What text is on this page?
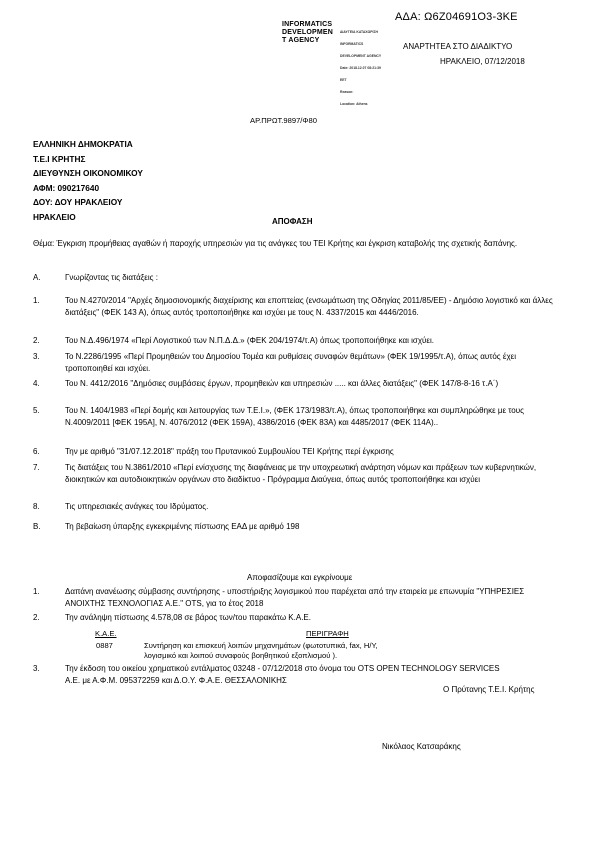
ΑΔΑ: Ω6Ζ04691Ο3-3ΚΕ
INFORMATICS
DEVELOPMEN
T AGENCY

ΔΙΑΥΓΕΙΑ ΚΑΤΑΧΩΡΙΣΗ

INFORMATICS

DEVELOPMENT AGENCY

Date: 2018.12.07 08:21:39

EET

Reason:

Location: Athens

ΑΝΑΡΤΗΤΕΑ ΣΤΟ ΔΙΑΔΙΚΤΥΟ
ΗΡΑΚΛΕΙΟ, 07/12/2018
ΑΡ.ΠΡΩΤ.9897/Φ80
ΕΛΛΗΝΙΚΗ ΔΗΜΟΚΡΑΤΙΑ
Τ.Ε.Ι ΚΡΗΤΗΣ
ΔΙΕΥΘΥΝΣΗ ΟΙΚΟΝΟΜΙΚΟΥ
ΑΦΜ: 090217640
ΔΟΥ: ΔΟΥ ΗΡΑΚΛΕΙΟΥ
ΗΡΑΚΛΕΙΟ	ΑΠΟΦΑΣΗ
Θέμα: Έγκριση προμήθειας αγαθών ή παροχής υπηρεσιών για τις ανάγκες του ΤΕΙ Κρήτης και έγκριση καταβολής της σχετικής δαπάνης.
Α.	Γνωρίζοντας τις διατάξεις :
1.	Του Ν.4270/2014 "Αρχές δημοσιονομικής διαχείρισης και εποπτείας (ενσωμάτωση της Οδηγίας 2011/85/ΕΕ) - Δημόσιο λογιστικό και άλλες διατάξεις" (ΦΕΚ 143 Α), όπως αυτός τροποποιήθηκε και ισχύει με τους Ν. 4337/2015 και 4446/2016.
2.	Του Ν.Δ.496/1974 «Περί Λογιστικού των Ν.Π.Δ.Δ.» (ΦΕΚ 204/1974/τ.Α) όπως τροποποιήθηκε και ισχύει.
3.	Το Ν.2286/1995 «Περί Προμηθειών του Δημοσίου Τομέα και ρυθμίσεις συναφών θεμάτων» (ΦΕΚ 19/1995/τ.Α), όπως αυτός έχει τροποποιηθεί και ισχύει.
4.	Του Ν. 4412/2016 "Δημόσιες συμβάσεις έργων, προμηθειών και υπηρεσιών ..... και άλλες διατάξεις" (ΦΕΚ 147/8-8-16 τ.Α΄)
5.	Του Ν. 1404/1983 «Περί δομής και λειτουργίας των Τ.Ε.Ι.», (ΦΕΚ 173/1983/τ.Α), όπως τροποποιήθηκε και συμπληρώθηκε με τους Ν.4009/2011 [ΦΕΚ 195Α], Ν. 4076/2012 (ΦΕΚ 159Α), 4386/2016 (ΦΕΚ 83Α) και 4485/2017 (ΦΕΚ 114Α)..
6.	Την με αριθμό "31/07.12.2018" πράξη του Πρυτανικού Συμβουλίου ΤΕΙ Κρήτης περί έγκρισης
7.	Τις διατάξεις του Ν.3861/2010 «Περί ενίσχυσης της διαφάνειας με την υποχρεωτική ανάρτηση νόμων και πράξεων των κυβερνητικών, διοικητικών και αυτοδιοικητικών οργάνων στο διαδίκτυο - Πρόγραμμα Διαύγεια, όπως αυτός τροποποιήθηκε και ισχύει
8.	Τις υπηρεσιακές ανάγκες του Ιδρύματος.
Β.	Τη βεβαίωση ύπαρξης εγκεκριμένης πίστωσης ΕΑΔ με αριθμό 198
Αποφασίζουμε και εγκρίνουμε
1.	Δαπάνη ανανέωσης σύμβασης συντήρησης - υποστήριξης λογισμικού που παρέχεται από την εταιρεία με επωνυμία "ΥΠΗΡΕΣΙΕΣ ΑΝΟΙΧΤΗΣ ΤΕΧΝΟΛΟΓΙΑΣ Α.Ε." OTS, για το έτος 2018
2.	Την ανάληψη πίστωσης 4.578,08 σε βάρος των/του παρακάτω Κ.Α.Ε.
Κ.Α.Ε.	ΠΕΡΙΓΡΑΦΗ
0887	Συντήρηση και επισκευή λοιπών μηχανημάτων (φωτοτυπικά, fax, Η/Υ, λογισμικό και λοιπού συναφούς βοηθητικού εξοπλισμού ).
3.	Την έκδοση του οικείου χρηματικού εντάλματος 03248 - 07/12/2018 στο όνομα του OTS OPEN TECHNOLOGY SERVICES Α.Ε. με Α.Φ.Μ. 095372259 και Δ.Ο.Υ. Φ.Α.Ε. ΘΕΣΣΑΛΟΝΙΚΗΣ
Ο Πρύτανης Τ.Ε.Ι. Κρήτης
Νικόλαος Κατσαράκης
